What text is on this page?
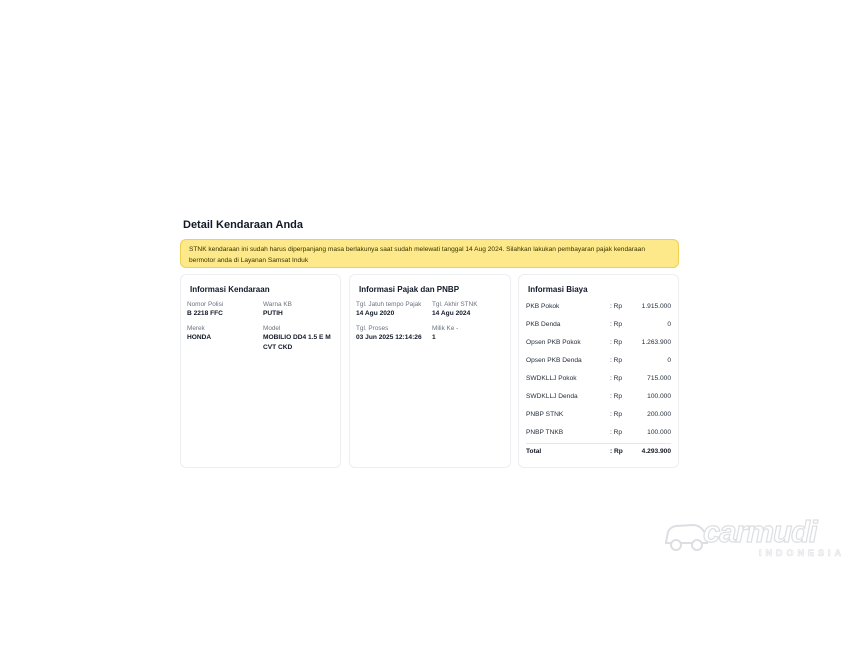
Detail Kendaraan Anda
STNK kendaraan ini sudah harus diperpanjang masa berlakunya saat sudah melewati tanggal 14 Aug 2024. Silahkan lakukan pembayaran pajak kendaraan bermotor anda di Layanan Samsat Induk
Informasi Kendaraan
Nomor Polisi
B 2218 FFC
Warna KB
PUTIH
Merek
HONDA
Model
MOBILIO DD4 1.5 E M CVT CKD
Informasi Pajak dan PNBP
Tgl. Jatuh tempo Pajak
14 Agu 2020
Tgl. Akhir STNK
14 Agu 2024
Tgl. Proses
03 Jun 2025 12:14:26
Milik Ke -
1
Informasi Biaya
PKB Pokok	: Rp	1.915.000
PKB Denda	: Rp	0
Opsen PKB Pokok	: Rp	1.263.900
Opsen PKB Denda	: Rp	0
SWDKLLJ Pokok	: Rp	715.000
SWDKLLJ Denda	: Rp	100.000
PNBP STNK	: Rp	200.000
PNBP TNKB	: Rp	100.000
Total	: Rp	4.293.900
carmudi
INDONESIA
